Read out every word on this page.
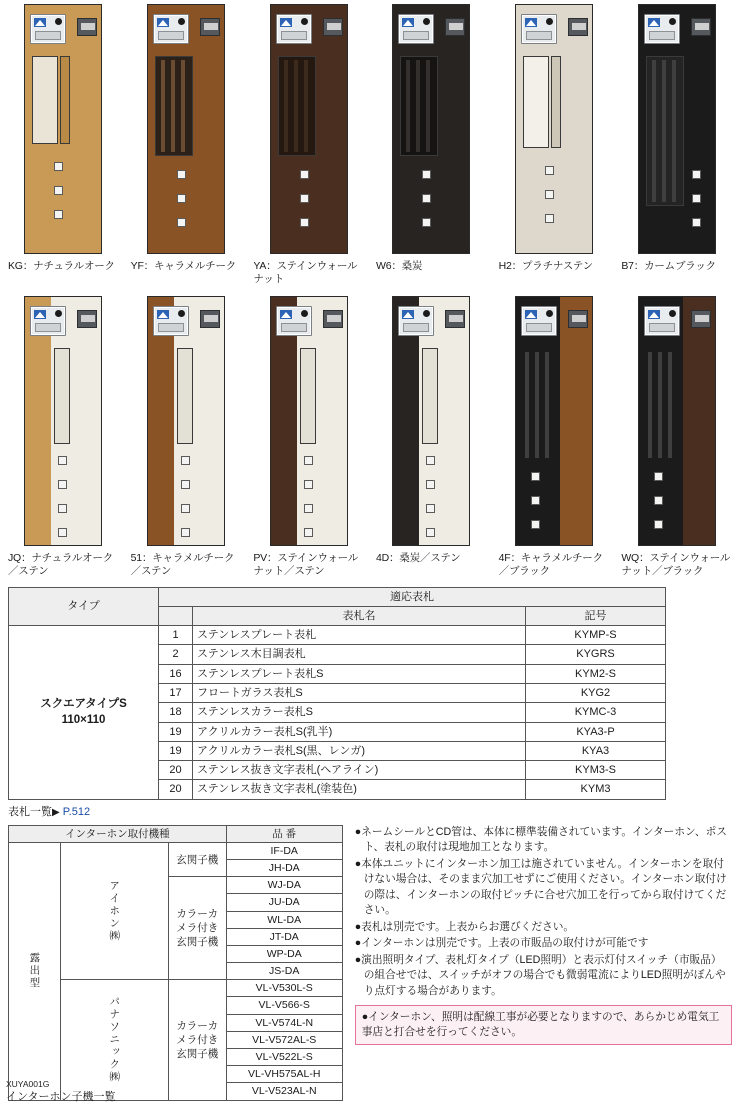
KG：ナチュラルオーク YF：キャラメルチーク YA：ステインウォールナット
W6：桑炭	H2：プラチナステン	B7：カームブラック
JQ：ナチュラルオーク／ステン
51：キャラメルチーク／ステン
PV：ステインウォールナット／ステン
4D：桑炭／ステン	4F：キャラメルチーク／ブラック
WQ：ステインウォールナット／ブラック
タイプ	適応表札		
		表札名	記号
スクエアタイプS
110×110	1	ステンレスプレート表札	KYMP-S
	2	ステンレス木目調表札	KYGRS
	16	ステンレスプレート表札S	KYM2-S
	17	フロートガラス表札S	KYG2
	18	ステンレスカラー表札S	KYMC-3
	19	アクリルカラー表札S(乳半)	KYA3-P
	19	アクリルカラー表札S(黒、レンガ)	KYA3
	20	ステンレス抜き文字表札(ヘアライン)	KYM3-S
	20	ステンレス抜き文字表札(塗装色)	KYM3
表札一覧▶ P.512
インターホン取付機種			品 番
露出型	アイホン㈱	玄関子機	IF-DA
			JH-DA
		カラーカメラ付き玄関子機	WJ-DA
			JU-DA
			WL-DA
			JT-DA
			WP-DA
			JS-DA
	パナソニック㈱	カラーカメラ付き玄関子機	VL-V530L-S
			VL-V566-S
			VL-V574L-N
			VL-V572AL-S
			VL-V522L-S
			VL-VH575AL-H
			VL-V523AL-N

●ネームシールとCD管は、本体に標準装備されています。インターホン、ポスト、表札の取付は現地加工となります。

●本体ユニットにインターホン加工は施されていません。インターホンを取付けない場合は、そのまま穴加工せずにご使用ください。インターホン取付けの際は、インターホンの取付ピッチに合せ穴加工を行ってから取付けてください。

●表札は別売です。上表からお選びください。

●インターホンは別売です。上表の市販品の取付けが可能です

●演出照明タイプ、表札灯タイプ（LED照明）と表示灯付スイッチ（市販品）の組合せでは、スイッチがオフの場合でも微弱電流によりLED照明がぼんやり点灯する場合があります。

●インターホン、照明は配線工事が必要となりますので、あらかじめ電気工事店と打合せを行ってください。
XUYA001G
インターホン子機一覧
